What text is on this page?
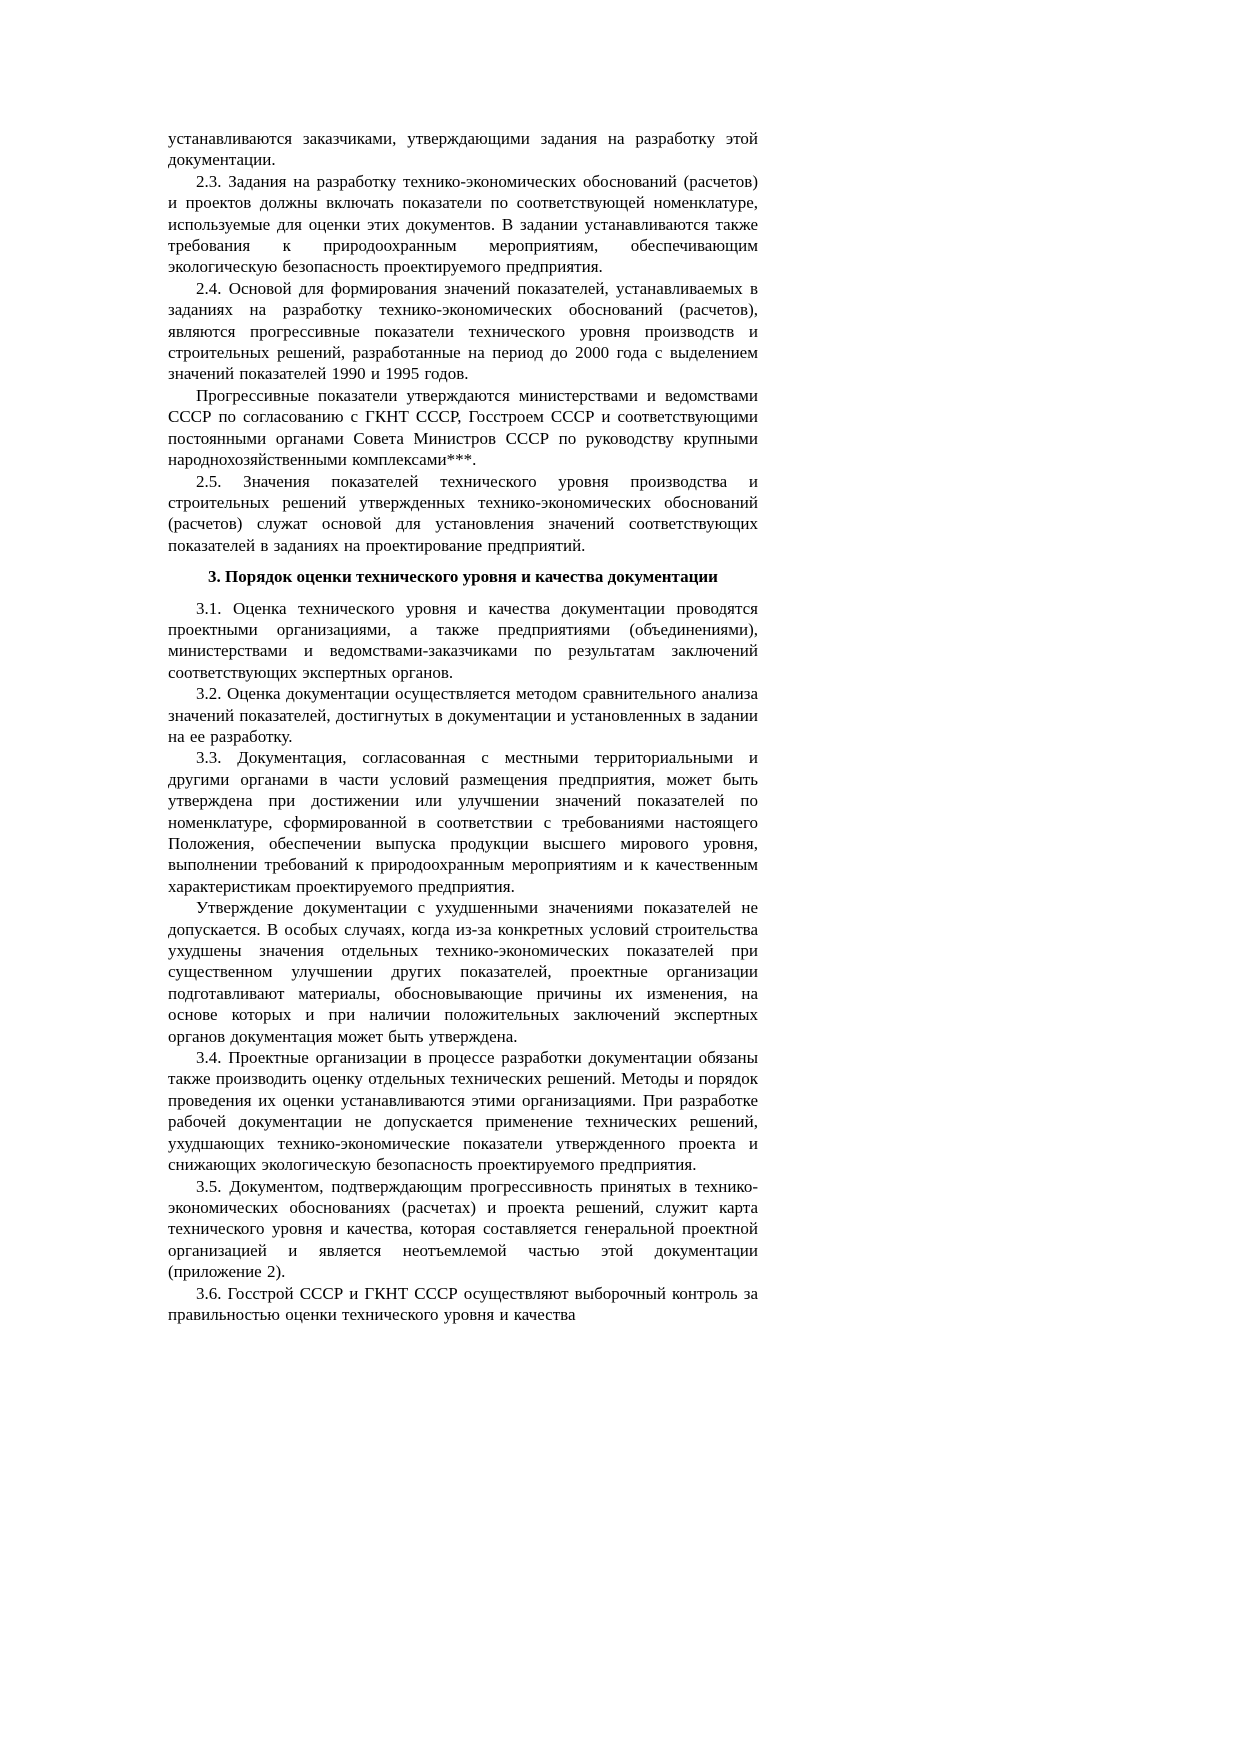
устанавливаются заказчиками, утверждающими задания на разработку этой документации.

2.3. Задания на разработку технико-экономических обоснований (расчетов) и проектов должны включать показатели по соответствующей номенклатуре, используемые для оценки этих документов. В задании устанавливаются также требования к природоохранным мероприятиям, обеспечивающим экологическую безопасность проектируемого предприятия.

2.4. Основой для формирования значений показателей, устанавливаемых в заданиях на разработку технико-экономических обоснований (расчетов), являются прогрессивные показатели технического уровня производств и строительных решений, разработанные на период до 2000 года с выделением значений показателей 1990 и 1995 годов.

Прогрессивные показатели утверждаются министерствами и ведомствами СССР по согласованию с ГКНТ СССР, Госстроем СССР и соответствующими постоянными органами Совета Министров СССР по руководству крупными народнохозяйственными комплексами***.

2.5. Значения показателей технического уровня производства и строительных решений утвержденных технико-экономических обоснований (расчетов) служат основой для установления значений соответствующих показателей в заданиях на проектирование предприятий.

3. Порядок оценки технического уровня и качества документации

3.1. Оценка технического уровня и качества документации проводятся проектными организациями, а также предприятиями (объединениями), министерствами и ведомствами-заказчиками по результатам заключений соответствующих экспертных органов.

3.2. Оценка документации осуществляется методом сравнительного анализа значений показателей, достигнутых в документации и установленных в задании на ее разработку.

3.3. Документация, согласованная с местными территориальными и другими органами в части условий размещения предприятия, может быть утверждена при достижении или улучшении значений показателей по номенклатуре, сформированной в соответствии с требованиями настоящего Положения, обеспечении выпуска продукции высшего мирового уровня, выполнении требований к природоохранным мероприятиям и к качественным характеристикам проектируемого предприятия.

Утверждение документации с ухудшенными значениями показателей не допускается. В особых случаях, когда из-за конкретных условий строительства ухудшены значения отдельных технико-экономических показателей при существенном улучшении других показателей, проектные организации подготавливают материалы, обосновывающие причины их изменения, на основе которых и при наличии положительных заключений экспертных органов документация может быть утверждена.

3.4. Проектные организации в процессе разработки документации обязаны также производить оценку отдельных технических решений. Методы и порядок проведения их оценки устанавливаются этими организациями. При разработке рабочей документации не допускается применение технических решений, ухудшающих технико-экономические показатели утвержденного проекта и снижающих экологическую безопасность проектируемого предприятия.

3.5. Документом, подтверждающим прогрессивность принятых в технико-экономических обоснованиях (расчетах) и проекта решений, служит карта технического уровня и качества, которая составляется генеральной проектной организацией и является неотъемлемой частью этой документации (приложение 2).

3.6. Госстрой СССР и ГКНТ СССР осуществляют выборочный контроль за правильностью оценки технического уровня и качества
